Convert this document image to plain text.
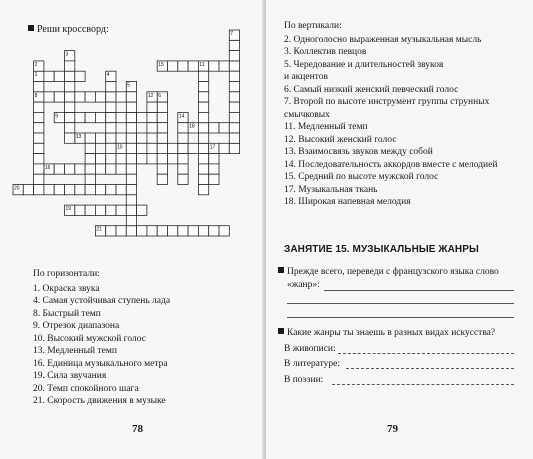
Реши кроссворд:
1
2
3
4
5
6
7
8
9
10
11
12
13
14
15
16
17
18
19
20
21
По горизонтали:
1. Окраска звука
4. Самая устойчивая ступень лада
8. Быстрый темп
9. Отрезок диапазона
10. Высокий мужской голос
13. Медленный темп
16. Единица музыкального метра
19. Сила звучания
20. Темп спокойного шага
21. Скорость движения в музыке
78
По вертикали:
2. Одноголосно выраженная музыкальная мысль
3. Коллектив певцов
5. Чередование и длительностей звуков
и акцентов
6. Самый низкий женский певческий голос
7. Второй по высоте инструмент группы струнных
смычковых
11. Медленный темп
12. Высокий женский голос
13. Взаимосвязь звуков между собой
14. Последовательность аккордов вместе с мелодией
15. Средний по высоте мужской голос
17. Музыкальная ткань
18. Широкая напевная мелодия
ЗАНЯТИЕ 15. МУЗЫКАЛЬНЫЕ ЖАНРЫ
Прежде всего, переведи с французского языка слово
«жанр»:
Какие жанры ты знаешь в разных видах искусства?
В живописи:
В литературе:
В поэзии:
79
